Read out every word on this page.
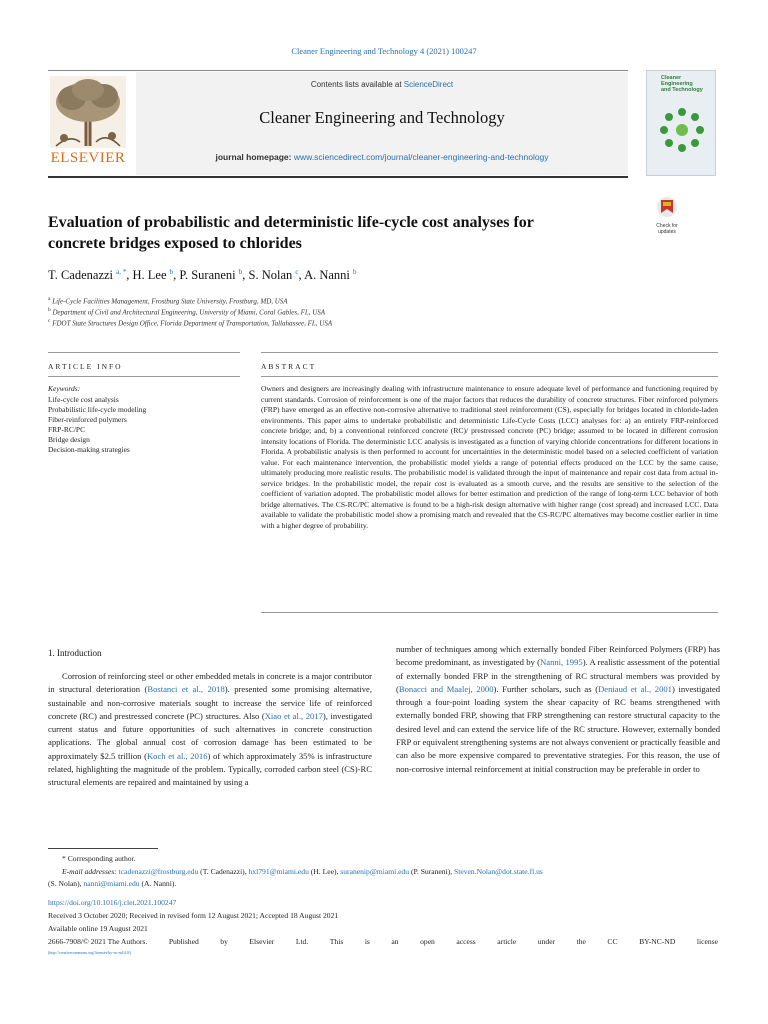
Cleaner Engineering and Technology 4 (2021) 100247
Contents lists available at ScienceDirect
Cleaner Engineering and Technology
journal homepage: www.sciencedirect.com/journal/cleaner-engineering-and-technology
ELSEVIER
Cleaner
Engineering
and Technology
Check for
updates
Evaluation of probabilistic and deterministic life-cycle cost analyses for
concrete bridges exposed to chlorides
T. Cadenazzi $^{a, *}$, H. Lee $^b$, P. Suraneni $^b$, S. Nolan $^c$, A. Nanni $^b$
$^a$ Life-Cycle Facilities Management, Frostburg State University, Frostburg, MD, USA
$^b$ Department of Civil and Architectural Engineering, University of Miami, Coral Gables, FL, USA
$^c$ FDOT State Structures Design Office, Florida Department of Transportation, Tallahassee, FL, USA
ARTICLE INFO	ABSTRACT
Keywords:
Life-cycle cost analysis
Probabilistic life-cycle modeling
Fiber-reinforced polymers
FRP-RC/PC
Bridge design
Decision-making strategies
Owners and designers are increasingly dealing with infrastructure maintenance to ensure adequate level of performance and functioning required by current standards. Corrosion of reinforcement is one of the major factors that reduces the durability of concrete structures. Fiber reinforced polymers (FRP) have emerged as an effective non-corrosive alternative to traditional steel reinforcement (CS), especially for bridges located in chloride-laden environments. This paper aims to undertake probabilistic and deterministic Life-Cycle Costs (LCC) analyses for: a) an entirely FRP-reinforced concrete bridge; and, b) a conventional reinforced concrete (RC)/ prestressed concrete (PC) bridge; assumed to be located in different corrosion intensity locations of Florida. The deterministic LCC analysis is investigated as a function of varying chloride concentrations for different locations in Florida. A probabilistic analysis is then performed to account for uncertainties in the deterministic model based on a selected coefficient of variation value. For each maintenance intervention, the probabilistic model yields a range of potential effects produced on the LCC by the same cause, ultimately producing more realistic results. The probabilistic model is validated through the input of maintenance and repair cost data from actual in-service bridges. In the probabilistic model, the repair cost is evaluated as a smooth curve, and the results are sensitive to the selection of the coefficient of variation adopted. The probabilistic model allows for better estimation and prediction of the range of long-term LCC behavior of both bridge alternatives. The CS-RC/PC alternative is found to be a high-risk design alternative with higher range (cost spread) and increased LCC. Data available to validate the probabilistic model show a promising match and revealed that the CS-RC/PC alternatives may become costlier earlier in time with a higher degree of probability.
1. Introduction
Corrosion of reinforcing steel or other embedded metals in concrete is a major contributor in structural deterioration (Bostanci et al., 2018). presented some promising alternative, sustainable and non-corrosive materials sought to increase the service life of reinforced concrete (RC) and prestressed concrete (PC) structures. Also (Xiao et al., 2017), investigated current status and future opportunities of such alternatives in concrete construction applications. The global annual cost of corrosion damage has been estimated to be approximately $2.5 trillion (Koch et al., 2016) of which approximately 35% is infrastructure related, highlighting the magnitude of the problem. Typically, corroded carbon steel (CS)-RC structural elements are repaired and maintained by using a
number of techniques among which externally bonded Fiber Reinforced Polymers (FRP) has become predominant, as investigated by (Nanni, 1995). A realistic assessment of the potential of externally bonded FRP in the strengthening of RC structural members was provided by (Bonacci and Maalej, 2000). Further scholars, such as (Deniaud et al., 2001) investigated through a four-point loading system the shear capacity of RC beams strengthened with externally bonded FRP, showing that FRP strengthening can restore structural capacity to the desired level and can extend the service life of the RC structure. However, externally bonded FRP or equivalent strengthening systems are not always convenient or practically feasible and can also be more expensive compared to preventative strategies. For this reason, the use of non-corrosive internal reinforcement at initial construction may be preferable in order to
* Corresponding author.
E-mail addresses: tcadenazzi@frostburg.edu (T. Cadenazzi), hxl791@miami.edu (H. Lee), suranenip@miami.edu (P. Suraneni), Steven.Nolan@dot.state.fl.us
(S. Nolan), nanni@miami.edu (A. Nanni).
https://doi.org/10.1016/j.clet.2021.100247
Received 3 October 2020; Received in revised form 12 August 2021; Accepted 18 August 2021
Available online 19 August 2021
2666-7908/© 2021 The Authors.	Published	by	Elsevier	Ltd.	This	is	an	open	access	article	under	the	CC	BY-NC-ND	license
(http://creativecommons.org/licenses/by-nc-nd/4.0/).
